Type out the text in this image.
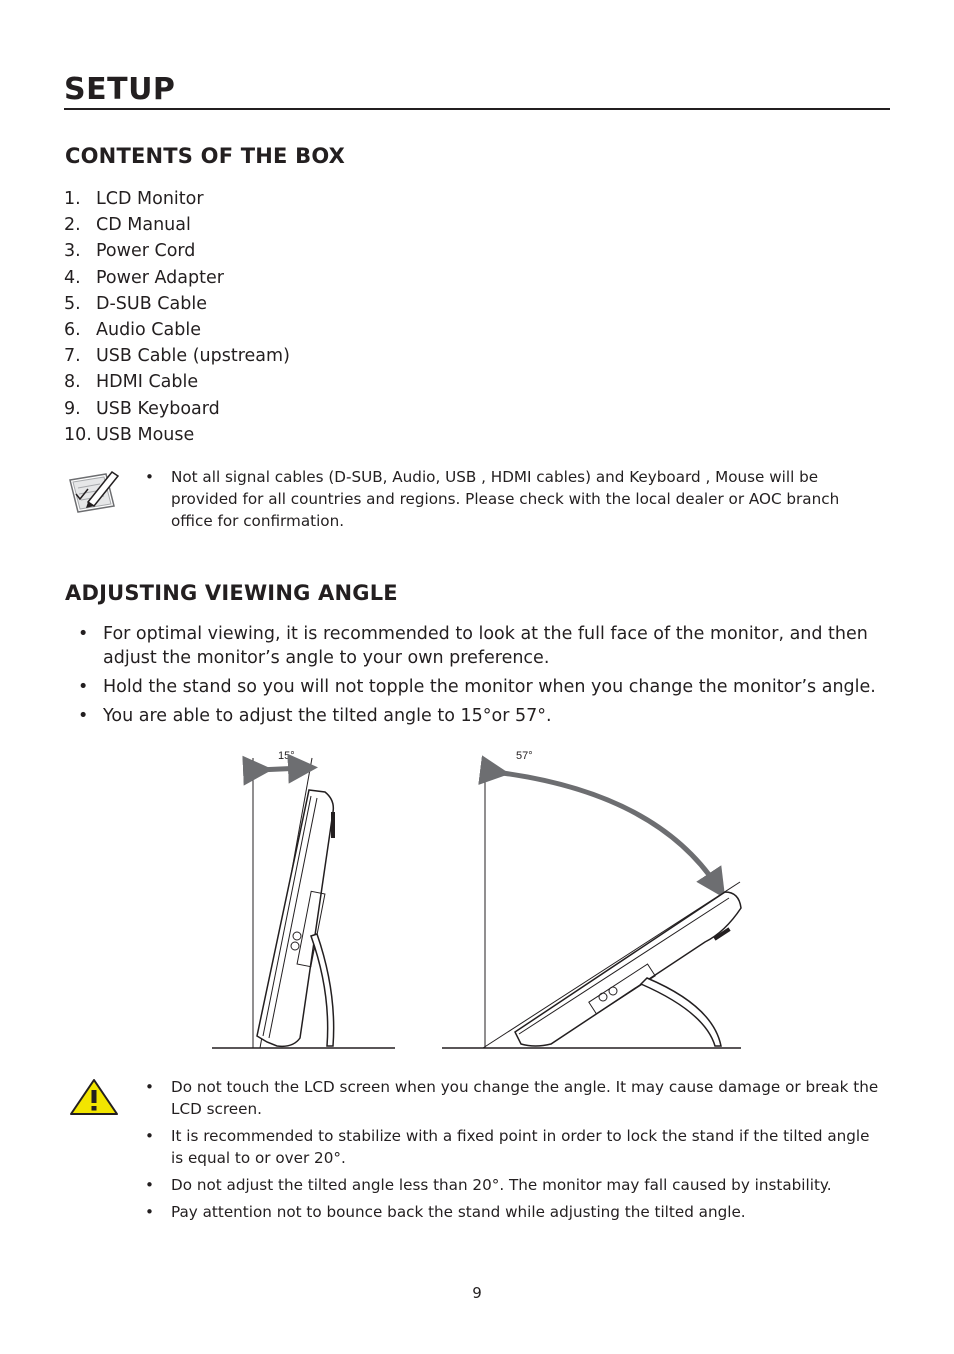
SETUP
CONTENTS OF THE BOX
1. LCD Monitor
2. CD Manual
3. Power Cord
4. Power Adapter
5. D-SUB Cable
6. Audio Cable
7. USB Cable (upstream)
8. HDMI Cable
9. USB Keyboard
10. USB Mouse
• Not all signal cables (D-SUB, Audio, USB , HDMI cables) and Keyboard , Mouse will be provided for all countries and regions. Please check with the local dealer or AOC branch office for confirmation.
ADJUSTING VIEWING ANGLE
• For optimal viewing, it is recommended to look at the full face of the monitor, and then adjust the monitor’s angle to your own preference.
• Hold the stand so you will not topple the monitor when you change the monitor’s angle.
• You are able to adjust the tilted angle to 15°or 57°.
15°	57°
• Do not touch the LCD screen when you change the angle. It may cause damage or break the LCD screen.
• It is recommended to stabilize with a fixed point in order to lock the stand if the tilted angle is equal to or over 20°.
• Do not adjust the tilted angle less than 20°. The monitor may fall caused by instability.
• Pay attention not to bounce back the stand while adjusting the tilted angle.
9
